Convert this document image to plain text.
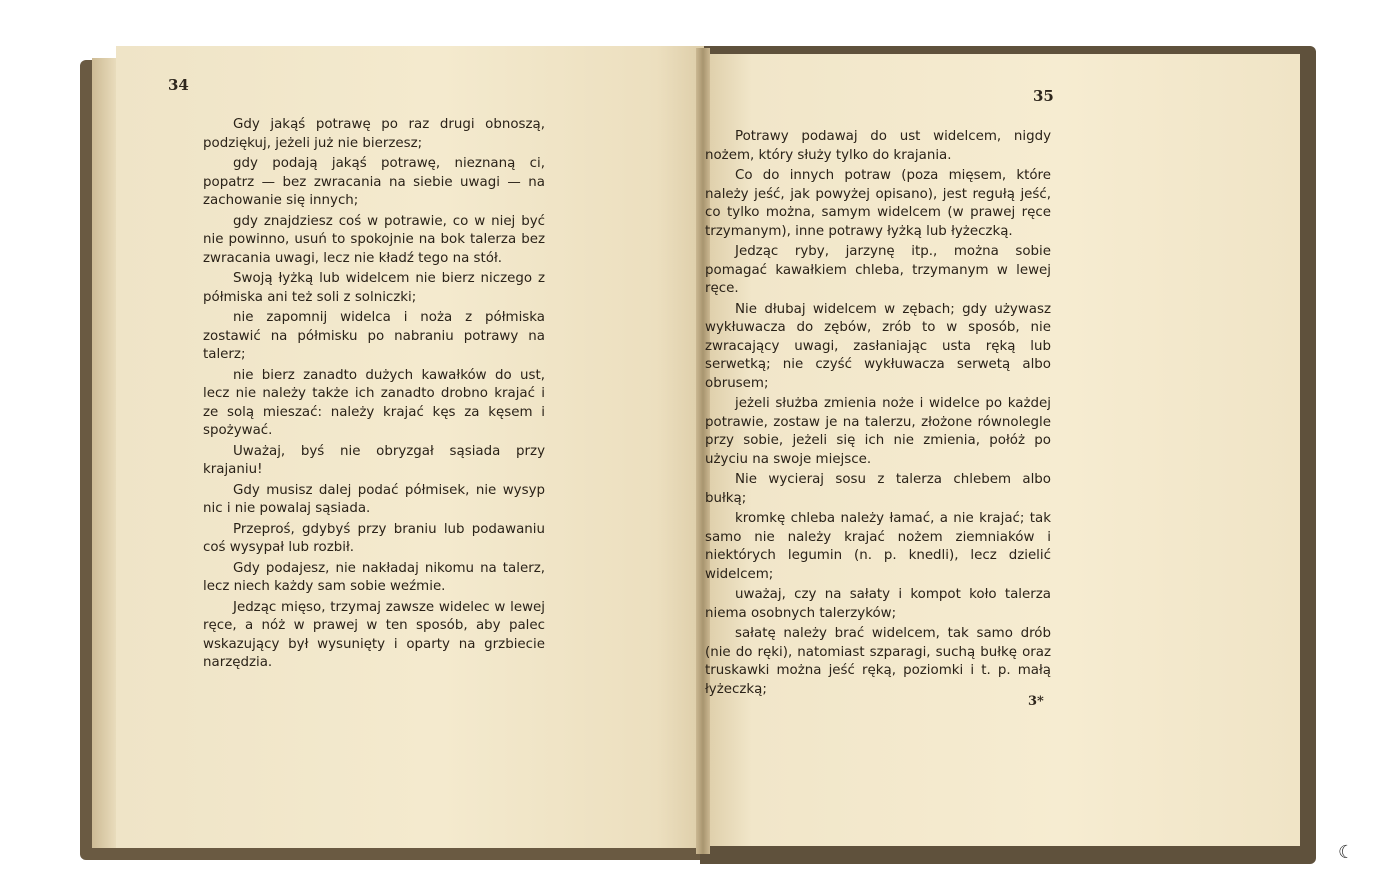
34
35

Gdy jakąś potrawę po raz drugi obnoszą, podziękuj, jeżeli już nie bierzesz;

gdy podają jakąś potrawę, nieznaną ci, popatrz — bez zwracania na siebie uwagi — na zachowanie się innych;

gdy znajdziesz coś w potrawie, co w niej być nie powinno, usuń to spokojnie na bok talerza bez zwracania uwagi, lecz nie kładź tego na stół.

Swoją łyżką lub widelcem nie bierz niczego z półmiska ani też soli z solniczki;

nie zapomnij widelca i noża z półmiska zostawić na półmisku po nabraniu potrawy na talerz;

nie bierz zanadto dużych kawałków do ust, lecz nie należy także ich zanadto drobno krajać i ze solą mieszać: należy krajać kęs za kęsem i spożywać.

Uważaj, byś nie obryzgał sąsiada przy krajaniu!

Gdy musisz dalej podać półmisek, nie wysyp nic i nie powalaj sąsiada.

Przeproś, gdybyś przy braniu lub podawaniu coś wysypał lub rozbił.

Gdy podajesz, nie nakładaj nikomu na talerz, lecz niech każdy sam sobie weźmie.

Jedząc mięso, trzymaj zawsze widelec w lewej ręce, a nóż w prawej w ten sposób, aby palec wskazujący był wysunięty i oparty na grzbiecie narzędzia.

Potrawy podawaj do ust widelcem, nigdy nożem, który służy tylko do krajania.

Co do innych potraw (poza mięsem, które należy jeść, jak powyżej opisano), jest regułą jeść, co tylko można, samym widelcem (w prawej ręce trzymanym), inne potrawy łyżką lub łyżeczką.

Jedząc ryby, jarzynę itp., można sobie pomagać kawałkiem chleba, trzymanym w lewej ręce.

Nie dłubaj widelcem w zębach; gdy używasz wykłuwacza do zębów, zrób to w sposób, nie zwracający uwagi, zasłaniając usta ręką lub serwetką; nie czyść wykłuwacza serwetą albo obrusem;

jeżeli służba zmienia noże i widelce po każdej potrawie, zostaw je na talerzu, złożone równolegle przy sobie, jeżeli się ich nie zmienia, połóż po użyciu na swoje miejsce.

Nie wycieraj sosu z talerza chlebem albo bułką;

kromkę chleba należy łamać, a nie krajać; tak samo nie należy krajać nożem ziemniaków i niektórych legumin (n. p. knedli), lecz dzielić widelcem;

uważaj, czy na sałaty i kompot koło talerza niema osobnych talerzyków;

sałatę należy brać widelcem, tak samo drób (nie do ręki), natomiast szparagi, suchą bułkę oraz truskawki można jeść ręką, poziomki i t. p. małą łyżeczką;

3*
☾
